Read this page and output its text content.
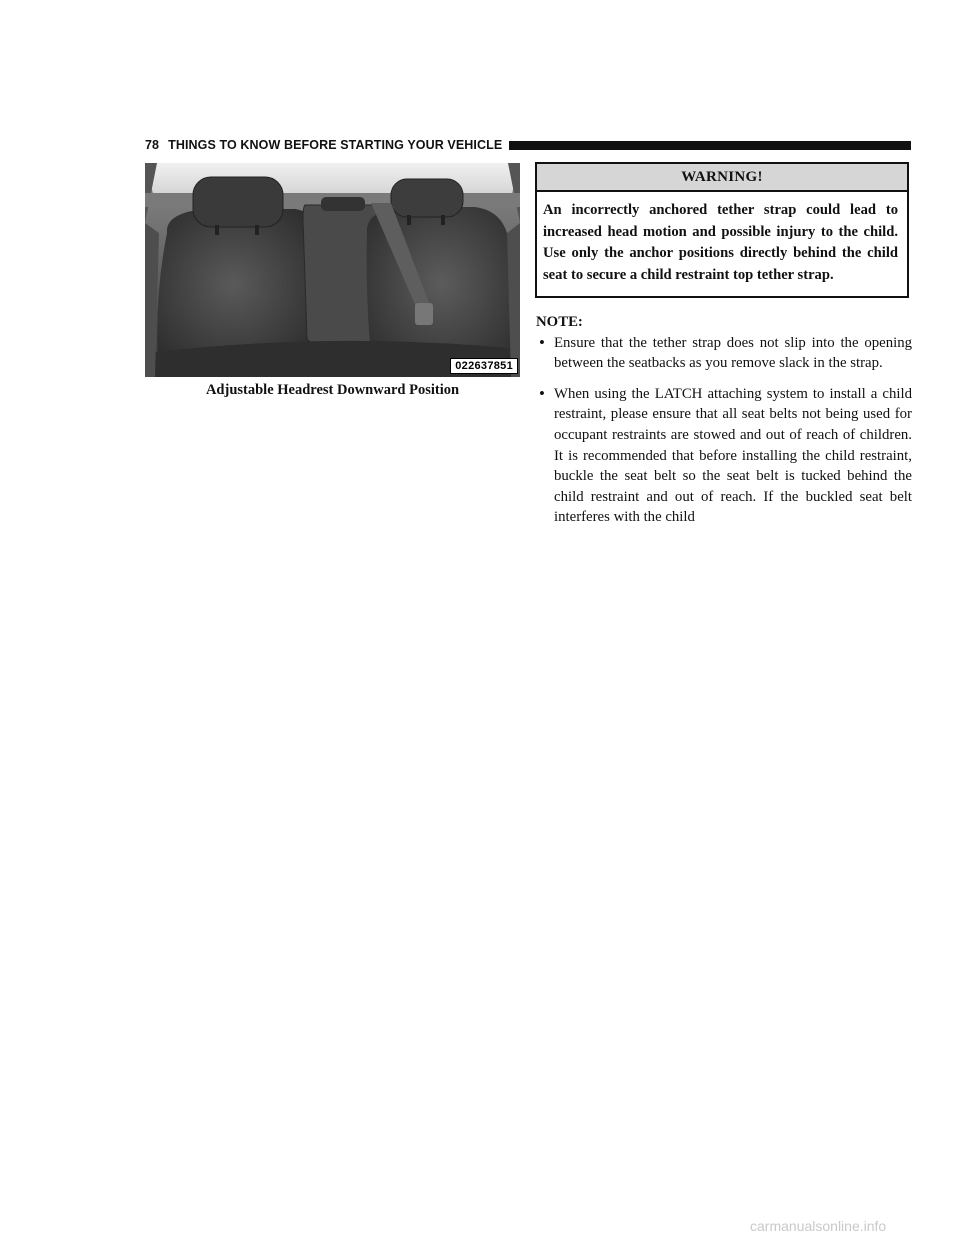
78 THINGS TO KNOW BEFORE STARTING YOUR VEHICLE
022637851
Adjustable Headrest Downward Position
WARNING!
An incorrectly anchored tether strap could lead to increased head motion and possible injury to the child. Use only the anchor positions directly behind the child seat to secure a child restraint top tether strap.
NOTE:
• Ensure that the tether strap does not slip into the opening between the seatbacks as you remove slack in the strap.
• When using the LATCH attaching system to install a child restraint, please ensure that all seat belts not being used for occupant restraints are stowed and out of reach of children. It is recommended that before installing the child restraint, buckle the seat belt so the seat belt is tucked behind the child restraint and out of reach. If the buckled seat belt interferes with the child
carmanualsonline.info
